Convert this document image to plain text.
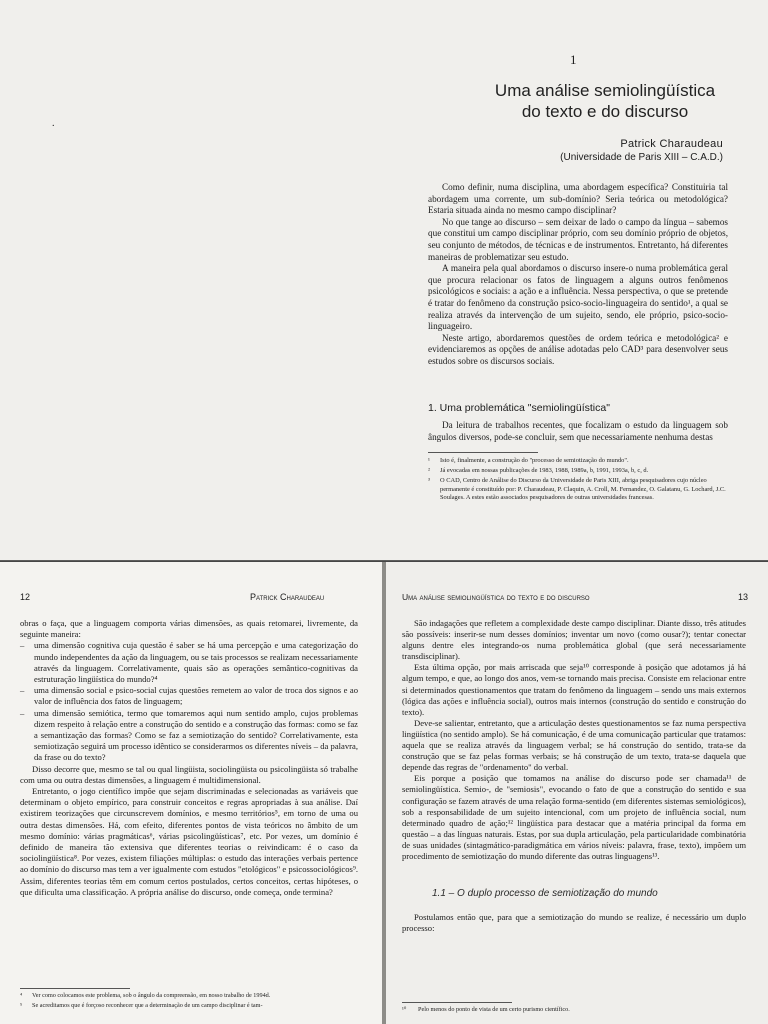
.
1
Uma análise semiolingüística
do texto e do discurso
Patrick Charaudeau
(Universidade de Paris XIII – C.A.D.)

Como definir, numa disciplina, uma abordagem específica? Constituiria tal abordagem uma corrente, um sub-domínio? Seria teórica ou metodológica? Estaria situada ainda no mesmo campo disciplinar?

No que tange ao discurso – sem deixar de lado o campo da língua – sabemos que constitui um campo disciplinar próprio, com seu domínio próprio de objetos, seu conjunto de métodos, de técnicas e de instrumentos. Entretanto, há diferentes maneiras de problematizar seu estudo.

A maneira pela qual abordamos o discurso insere-o numa problemática geral que procura relacionar os fatos de linguagem a alguns outros fenômenos psicológicos e sociais: a ação e a influência. Nessa perspectiva, o que se pretende é tratar do fenômeno da construção psico-socio-linguageira do sentido¹, a qual se realiza através da intervenção de um sujeito, sendo, ele próprio, psico-socio-linguageiro.

Neste artigo, abordaremos questões de ordem teórica e metodológica² e evidenciaremos as opções de análise adotadas pelo CAD³ para desenvolver seus estudos sobre os discursos sociais.

1. Uma problemática "semiolingüística"

Da leitura de trabalhos recentes, que focalizam o estudo da linguagem sob ângulos diversos, pode-se concluir, sem que necessariamente nenhuma destas

¹	Isto é, finalmente, a construção do "processo de semiotização do mundo".
²	Já evocadas em nossas publicações de 1983, 1988, 1989a, b, 1991, 1993a, b, c, d.
³	O CAD, Centro de Análise do Discurso da Universidade de Paris XIII, abriga pesquisadores cujo núcleo permanente é constituído por: P. Charaudeau, P. Claquin, A. Croll, M. Fernandez, O. Galatanu, G. Lochard, J.C. Soulages. A estes estão associados pesquisadores de outras universidades francesas.
12	Patrick Charaudeau

obras o faça, que a linguagem comporta várias dimensões, as quais retomarei, livremente, da seguinte maneira:

–	uma dimensão cognitiva cuja questão é saber se há uma percepção e uma categorização do mundo independentes da ação da linguagem, ou se tais processos se realizam necessariamente através da linguagem. Correlativamente, quais são as operações semântico-cognitivas da estruturação lingüística do mundo?⁴
–	uma dimensão social e psico-social cujas questões remetem ao valor de troca dos signos e ao valor de influência dos fatos de linguagem;
–	uma dimensão semiótica, termo que tomaremos aqui num sentido amplo, cujos problemas dizem respeito à relação entre a construção do sentido e a construção das formas: como se faz a semantização das formas? Como se faz a semiotização do sentido? Correlativamente, esta semiotização seguirá um processo idêntico se considerarmos os diferentes níveis – da palavra, da frase ou do texto?

Disso decorre que, mesmo se tal ou qual lingüista, sociolingüista ou psicolingüista só trabalhe com uma ou outra destas dimensões, a linguagem é multidimensional.

Entretanto, o jogo científico impõe que sejam discriminadas e selecionadas as variáveis que determinam o objeto empírico, para construir conceitos e regras apropriadas à sua análise. Daí existirem teorizações que circunscrevem domínios, e mesmo territórios⁵, em torno de uma ou outra destas dimensões. Há, com efeito, diferentes pontos de vista teóricos no âmbito de um mesmo domínio: várias pragmáticas⁶, várias psicolingüísticas⁷, etc. Por vezes, um domínio é definido de maneira tão extensiva que diferentes teorias o reivindicam: é o caso da sociolingüística⁸. Por vezes, existem filiações múltiplas: o estudo das interações verbais pertence ao domínio do discurso mas tem a ver igualmente com estudos "etológicos" e psicossociológicos⁹. Assim, diferentes teorias têm em comum certos postulados, certos conceitos, certas hipóteses, o que dificulta uma classificação. A própria análise do discurso, onde começa, onde termina?

⁴	Ver como colocamos este problema, sob o ângulo da compreensão, em nosso trabalho de 1994d.
⁵	Se acreditamos que é forçoso reconhecer que a determinação de um campo disciplinar é tam-
Uma análise semiolingüística do texto e do discurso	13

São indagações que refletem a complexidade deste campo disciplinar. Diante disso, três atitudes são possíveis: inserir-se num desses domínios; inventar um novo (como ousar?); tentar conectar alguns dentre eles integrando-os numa problemática global (que será necessariamente transdisciplinar).

Esta última opção, por mais arriscada que seja¹⁰ corresponde à posição que adotamos já há algum tempo, e que, ao longo dos anos, vem-se tornando mais precisa. Consiste em relacionar entre si determinados questionamentos que tratam do fenômeno da linguagem – sendo uns mais externos (lógica das ações e influência social), outros mais internos (construção do sentido e construção do texto).

Deve-se salientar, entretanto, que a articulação destes questionamentos se faz numa perspectiva lingüística (no sentido amplo). Se há comunicação, é de uma comunicação particular que tratamos: aquela que se realiza através da linguagem verbal; se há construção do sentido, trata-se da construção que se faz pelas formas verbais; se há construção de um texto, trata-se daquela que depende das regras de "ordenamento" do verbal.

Eis porque a posição que tomamos na análise do discurso pode ser chamada¹¹ de semiolingüística. Semio-, de "semiosis", evocando o fato de que a construção do sentido e sua configuração se fazem através de uma relação forma-sentido (em diferentes sistemas semiológicos), sob a responsabilidade de um sujeito intencional, com um projeto de influência social, num determinado quadro de ação;¹² lingüística para destacar que a matéria principal da forma em questão – a das línguas naturais. Estas, por sua dupla articulação, pela particularidade combinatória de suas unidades (sintagmático-paradigmática em vários níveis: palavra, frase, texto), impõem um procedimento de semiotização do mundo diferente das outras linguagens¹³.

1.1 – O duplo processo de semiotização do mundo

Postulamos então que, para que a semiotização do mundo se realize, é necessário um duplo processo:

¹⁰	Pelo menos do ponto de vista de um certo purismo científico.
